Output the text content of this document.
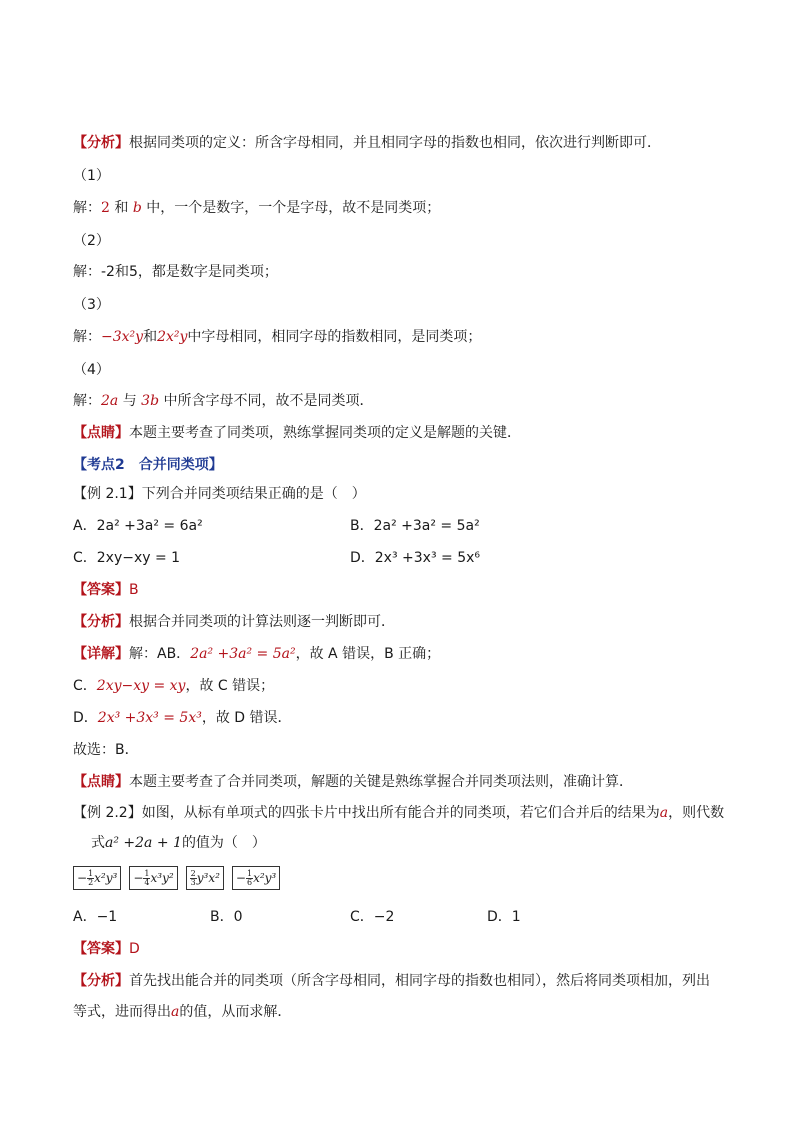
【分析】根据同类项的定义：所含字母相同，并且相同字母的指数也相同，依次进行判断即可．
（1）
解：2 和 b 中，一个是数字，一个是字母，故不是同类项；
（2）
解：-2和5，都是数字是同类项；
（3）
解：−3x²y和2x²y中字母相同，相同字母的指数相同，是同类项；
（4）
解：2a 与 3b 中所含字母不同，故不是同类项．
【点睛】本题主要考查了同类项，熟练掌握同类项的定义是解题的关键．
【考点2　合并同类项】
【例 2.1】下列合并同类项结果正确的是（　）
A．2a² +3a² = 6a²	B．2a² +3a² = 5a²
C．2xy−xy = 1	D．2x³ +3x³ = 5x⁶
【答案】B
【分析】根据合并同类项的计算法则逐一判断即可．
【详解】解：AB．2a² +3a² = 5a²，故 A 错误，B 正确；
C．2xy−xy = xy，故 C 错误；
D．2x³ +3x³ = 5x³，故 D 错误．
故选：B．
【点睛】本题主要考查了合并同类项，解题的关键是熟练掌握合并同类项法则，准确计算．
【例 2.2】如图，从标有单项式的四张卡片中找出所有能合并的同类项，若它们合并后的结果为a，则代数
式a² +2a + 1的值为（　）
− $\frac{1}{2} x^2y^3 - \frac{1}{4} x^3y^2 \frac{2}{3} y^3x^2 - \frac{1}{6} x^2y^3$
A．−1	B．0	C．−2	D．1
【答案】D
【分析】首先找出能合并的同类项（所含字母相同，相同字母的指数也相同），然后将同类项相加，列出
等式，进而得出a的值，从而求解．
